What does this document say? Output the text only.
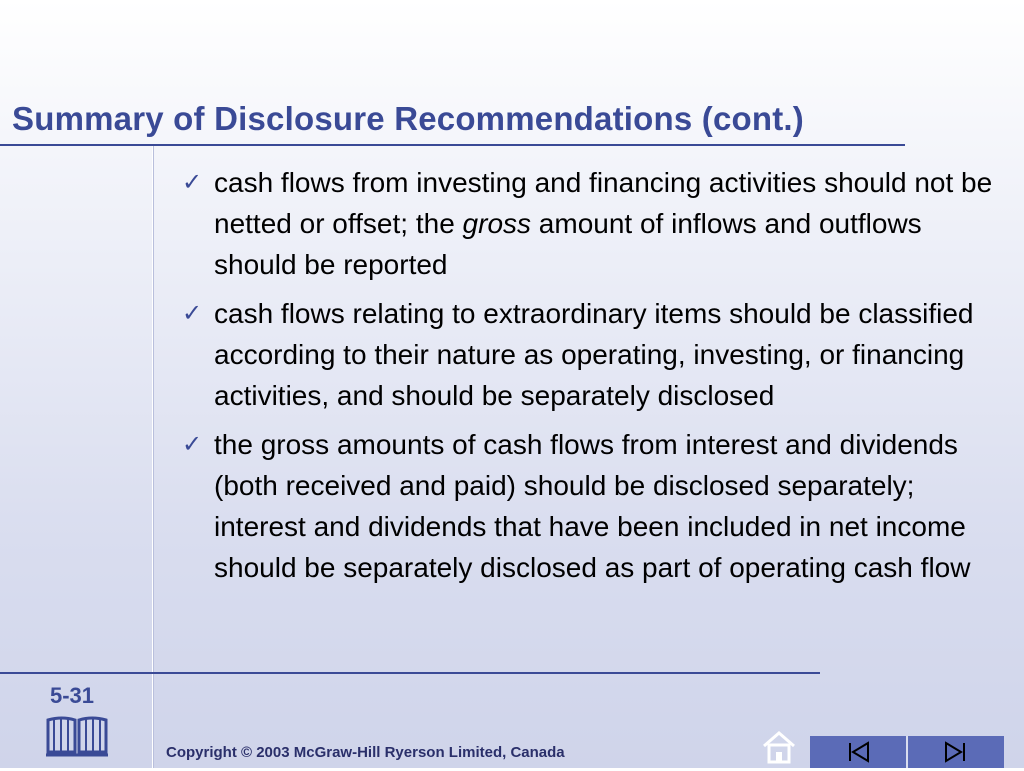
Summary of Disclosure Recommendations (cont.)
✓ cash flows from investing and financing activities should not be netted or offset; the gross amount of inflows and outflows should be reported
✓ cash flows relating to extraordinary items should be classified according to their nature as operating, investing, or financing activities, and should be separately disclosed
✓ the gross amounts of cash flows from interest and dividends (both received and paid) should be disclosed separately; interest and dividends that have been included in net income should be separately disclosed as part of operating cash flow
5-31
Copyright © 2003 McGraw-Hill Ryerson Limited, Canada
